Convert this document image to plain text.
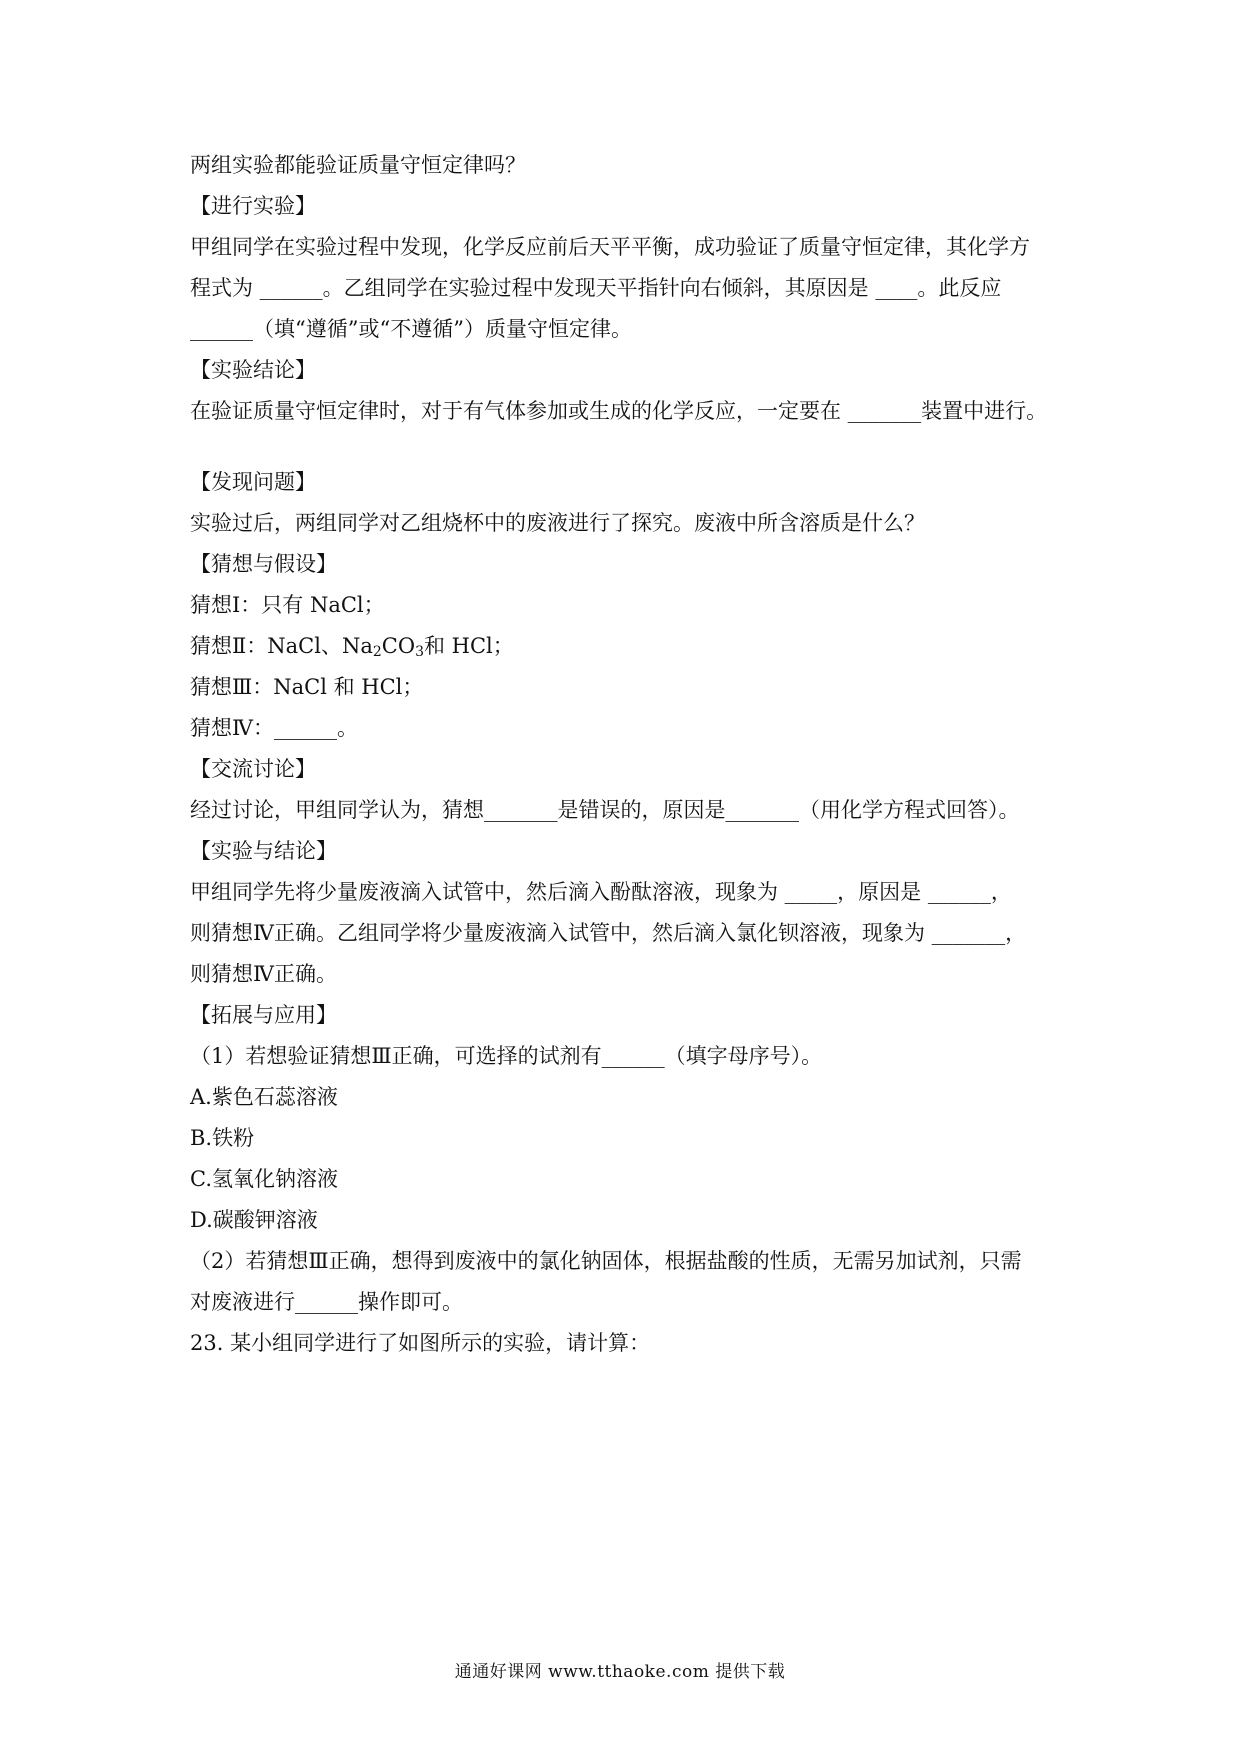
两组实验都能验证质量守恒定律吗？
【进行实验】
甲组同学在实验过程中发现，化学反应前后天平平衡，成功验证了质量守恒定律，其化学方
程式为 ______。乙组同学在实验过程中发现天平指针向右倾斜，其原因是 ____。此反应
______（填“遵循”或“不遵循”）质量守恒定律。
【实验结论】
在验证质量守恒定律时，对于有气体参加或生成的化学反应，一定要在 _______装置中进行。
【发现问题】
实验过后，两组同学对乙组烧杯中的废液进行了探究。废液中所含溶质是什么？
【猜想与假设】
猜想Ⅰ：只有 NaCl；
猜想Ⅱ：NaCl、$Na_2CO_3$和 HCl；
猜想Ⅲ：NaCl 和 HCl；
猜想Ⅳ：______。
【交流讨论】
经过讨论，甲组同学认为，猜想_______是错误的，原因是_______（用化学方程式回答）。
【实验与结论】
甲组同学先将少量废液滴入试管中，然后滴入酚酞溶液，现象为 _____，原因是 ______，
则猜想Ⅳ正确。乙组同学将少量废液滴入试管中，然后滴入氯化钡溶液，现象为 _______，
则猜想Ⅳ正确。
【拓展与应用】
（1）若想验证猜想Ⅲ正确，可选择的试剂有______（填字母序号）。
A.紫色石蕊溶液
B.铁粉
C.氢氧化钠溶液
D.碳酸钾溶液
（2）若猜想Ⅲ正确，想得到废液中的氯化钠固体，根据盐酸的性质，无需另加试剂，只需
对废液进行______操作即可。
23. 某小组同学进行了如图所示的实验，请计算：
通通好课网 www.tthaoke.com 提供下载
